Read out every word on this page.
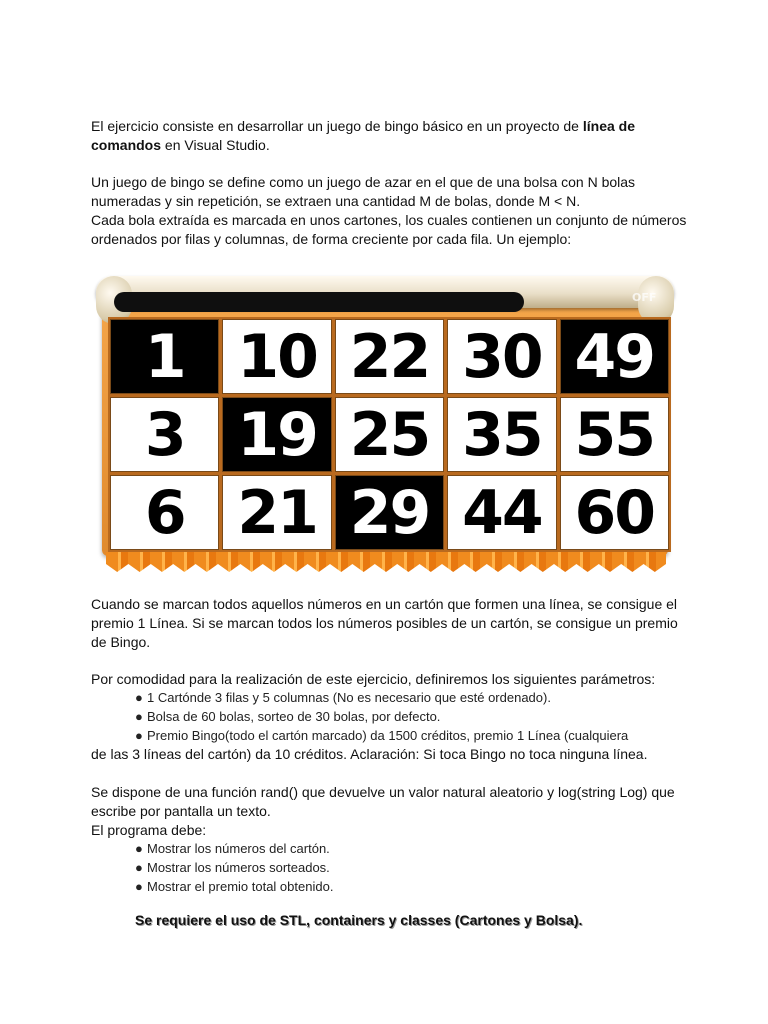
El ejercicio consiste en desarrollar un juego de bingo básico en un proyecto de línea de comandos en Visual Studio.

Un juego de bingo se define como un juego de azar en el que de una bolsa con N bolas numeradas y sin repetición, se extraen una cantidad M de bolas, donde M < N.

Cada bola extraída es marcada en unos cartones, los cuales contienen un conjunto de números ordenados por filas y columnas, de forma creciente por cada fila. Un ejemplo:

Cuando se marcan todos aquellos números en un cartón que formen una línea, se consigue el premio 1 Línea. Si se marcan todos los números posibles de un cartón, se consigue un premio de Bingo.

Por comodidad para la realización de este ejercicio, definiremos los siguientes parámetros:

● 1 Cartónde 3 filas y 5 columnas (No es necesario que esté ordenado).
● Bolsa de 60 bolas, sorteo de 30 bolas, por defecto.
● Premio Bingo(todo el cartón marcado) da 1500 créditos, premio 1 Línea (cualquiera
de las 3 líneas del cartón) da 10 créditos. Aclaración: Si toca Bingo no toca ninguna línea.

Se dispone de una función rand() que devuelve un valor natural aleatorio y log(string Log) que escribe por pantalla un texto.

El programa debe:
● Mostrar los números del cartón.
● Mostrar los números sorteados.
● Mostrar el premio total obtenido.
Se requiere el uso de STL, containers y classes (Cartones y Bolsa).
OFF
1 10 22 30 49
3 19 25 35 55
6 21 29 44 60
